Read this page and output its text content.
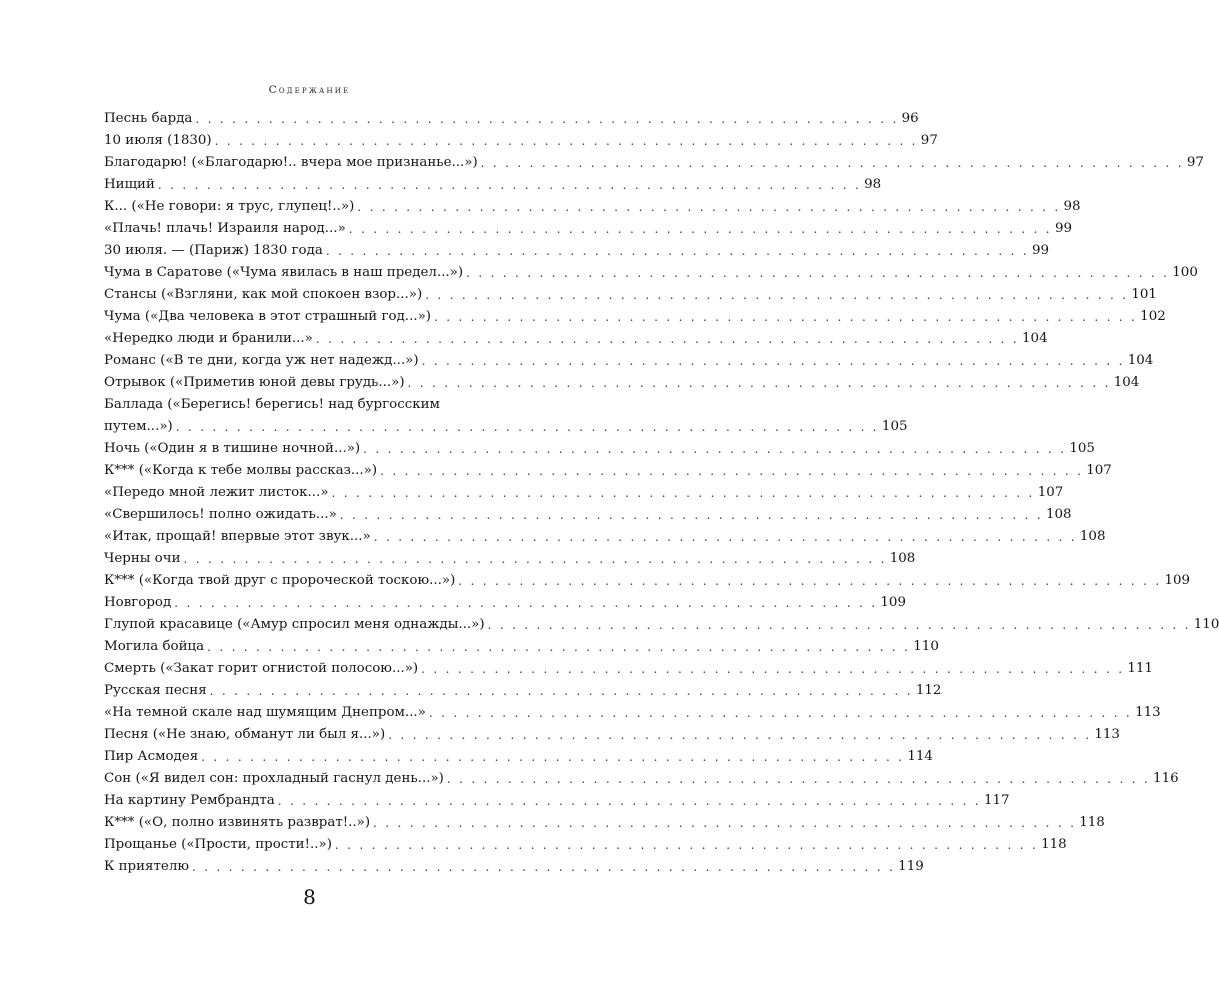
Содержание
Песнь барда . . . . . . . . . . . . . . . . . . . . . . . . . . . . . . . . . . . . . . . . . . . . . . . . . . . . . . . . . . 96
10 июля (1830) . . . . . . . . . . . . . . . . . . . . . . . . . . . . . . . . . . . . . . . . . . . . . . . . . . . . . . . . . . 97
Благодарю! («Благодарю!.. вчера мое признанье...») . . . . . . . . . . . . . . . . . . . . . . . . . . . . . . . . . . . . . . . . . . . . . . . . . . . . . . . . . . 97
Нищий . . . . . . . . . . . . . . . . . . . . . . . . . . . . . . . . . . . . . . . . . . . . . . . . . . . . . . . . . . 98
К... («Не говори: я трус, глупец!..») . . . . . . . . . . . . . . . . . . . . . . . . . . . . . . . . . . . . . . . . . . . . . . . . . . . . . . . . . . 98
«Плачь! плачь! Израиля народ...» . . . . . . . . . . . . . . . . . . . . . . . . . . . . . . . . . . . . . . . . . . . . . . . . . . . . . . . . . . 99
30 июля. — (Париж) 1830 года . . . . . . . . . . . . . . . . . . . . . . . . . . . . . . . . . . . . . . . . . . . . . . . . . . . . . . . . . . 99
Чума в Саратове («Чума явилась в наш предел...») . . . . . . . . . . . . . . . . . . . . . . . . . . . . . . . . . . . . . . . . . . . . . . . . . . . . . . . . . . 100
Стансы («Взгляни, как мой спокоен взор...») . . . . . . . . . . . . . . . . . . . . . . . . . . . . . . . . . . . . . . . . . . . . . . . . . . . . . . . . . . 101
Чума («Два человека в этот страшный год...») . . . . . . . . . . . . . . . . . . . . . . . . . . . . . . . . . . . . . . . . . . . . . . . . . . . . . . . . . . 102
«Нередко люди и бранили...» . . . . . . . . . . . . . . . . . . . . . . . . . . . . . . . . . . . . . . . . . . . . . . . . . . . . . . . . . . 104
Романс («В те дни, когда уж нет надежд...») . . . . . . . . . . . . . . . . . . . . . . . . . . . . . . . . . . . . . . . . . . . . . . . . . . . . . . . . . . 104
Отрывок («Приметив юной девы грудь...») . . . . . . . . . . . . . . . . . . . . . . . . . . . . . . . . . . . . . . . . . . . . . . . . . . . . . . . . . . 104
Баллада («Берегись! берегись! над бургосским
путем...») . . . . . . . . . . . . . . . . . . . . . . . . . . . . . . . . . . . . . . . . . . . . . . . . . . . . . . . . . . 105
Ночь («Один я в тишине ночной...») . . . . . . . . . . . . . . . . . . . . . . . . . . . . . . . . . . . . . . . . . . . . . . . . . . . . . . . . . . 105
К*** («Когда к тебе молвы рассказ...») . . . . . . . . . . . . . . . . . . . . . . . . . . . . . . . . . . . . . . . . . . . . . . . . . . . . . . . . . . 107
«Передо мной лежит листок...» . . . . . . . . . . . . . . . . . . . . . . . . . . . . . . . . . . . . . . . . . . . . . . . . . . . . . . . . . . 107
«Свершилось! полно ожидать...» . . . . . . . . . . . . . . . . . . . . . . . . . . . . . . . . . . . . . . . . . . . . . . . . . . . . . . . . . . 108
«Итак, прощай! впервые этот звук...» . . . . . . . . . . . . . . . . . . . . . . . . . . . . . . . . . . . . . . . . . . . . . . . . . . . . . . . . . . 108
Черны очи . . . . . . . . . . . . . . . . . . . . . . . . . . . . . . . . . . . . . . . . . . . . . . . . . . . . . . . . . . 108
К*** («Когда твой друг с пророческой тоскою...») . . . . . . . . . . . . . . . . . . . . . . . . . . . . . . . . . . . . . . . . . . . . . . . . . . . . . . . . . . 109
Новгород . . . . . . . . . . . . . . . . . . . . . . . . . . . . . . . . . . . . . . . . . . . . . . . . . . . . . . . . . . 109
Глупой красавице («Амур спросил меня однажды...») . . . . . . . . . . . . . . . . . . . . . . . . . . . . . . . . . . . . . . . . . . . . . . . . . . . . . . . . . . 110
Могила бойца . . . . . . . . . . . . . . . . . . . . . . . . . . . . . . . . . . . . . . . . . . . . . . . . . . . . . . . . . . 110
Смерть («Закат горит огнистой полосою...») . . . . . . . . . . . . . . . . . . . . . . . . . . . . . . . . . . . . . . . . . . . . . . . . . . . . . . . . . . 111
Русская песня . . . . . . . . . . . . . . . . . . . . . . . . . . . . . . . . . . . . . . . . . . . . . . . . . . . . . . . . . . 112
«На темной скале над шумящим Днепром...» . . . . . . . . . . . . . . . . . . . . . . . . . . . . . . . . . . . . . . . . . . . . . . . . . . . . . . . . . . 113
Песня («Не знаю, обманут ли был я...») . . . . . . . . . . . . . . . . . . . . . . . . . . . . . . . . . . . . . . . . . . . . . . . . . . . . . . . . . . 113
Пир Асмодея . . . . . . . . . . . . . . . . . . . . . . . . . . . . . . . . . . . . . . . . . . . . . . . . . . . . . . . . . . 114
Сон («Я видел сон: прохладный гаснул день...») . . . . . . . . . . . . . . . . . . . . . . . . . . . . . . . . . . . . . . . . . . . . . . . . . . . . . . . . . . 116
На картину Рембрандта . . . . . . . . . . . . . . . . . . . . . . . . . . . . . . . . . . . . . . . . . . . . . . . . . . . . . . . . . . 117
К*** («О, полно извинять разврат!..») . . . . . . . . . . . . . . . . . . . . . . . . . . . . . . . . . . . . . . . . . . . . . . . . . . . . . . . . . . 118
Прощанье («Прости, прости!..») . . . . . . . . . . . . . . . . . . . . . . . . . . . . . . . . . . . . . . . . . . . . . . . . . . . . . . . . . . 118
К приятелю . . . . . . . . . . . . . . . . . . . . . . . . . . . . . . . . . . . . . . . . . . . . . . . . . . . . . . . . . . 119
8
